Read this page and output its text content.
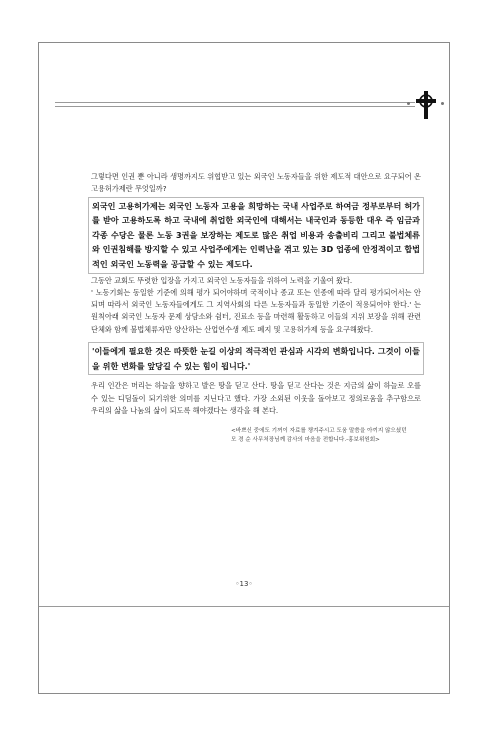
그렇다면 인권 뿐 아니라 생명까지도 위협받고 있는 외국인 노동자들을 위한 제도적 대안으로 요구되어 온 고용허가제란 무엇일까?

외국인 고용허가제는 외국인 노동자 고용을 희망하는 국내 사업주로 하여금 정부로부터 허가를 받아 고용하도록 하고 국내에 취업한 외국인에 대해서는 내국인과 동등한 대우 즉 임금과 각종 수당은 물론 노동 3권을 보장하는 제도로 많은 취업 비용과 송출비리 그리고 불법체류와 인권침해를 방지할 수 있고 사업주에게는 인력난을 겪고 있는 3D 업종에 안정적이고 합법적인 외국인 노동력을 공급할 수 있는 제도다.

그동안 교회도 뚜렷한 입장을 가지고 외국인 노동자들을 위하여 노력을 기울여 왔다.

' 노동기회는 동일한 기준에 의해 평가 되어야하며 국적이나 종교 또는 인종에 따라 달리 평가되어서는 안되며 따라서 외국인 노동자들에게도 그 지역사회의 다른 노동자들과 동일한 기준이 적용되어야 한다.' 는 원칙아래 외국인 노동자 문제 상담소와 쉼터, 진료소 등을 마련해 활동하고 이들의 지위 보장을 위해 관련 단체와 함께 불법체류자만 양산하는 산업연수생 제도 폐지 및 고용허가제 등을 요구해왔다.

'이들에게 필요한 것은 따뜻한 눈길 이상의 적극적인 관심과 시각의 변화입니다. 그것이 이들을 위한 변화를 앞당길 수 있는 힘이 됩니다.'

우리 인간은 머리는 하늘을 향하고 발은 땅을 딛고 산다. 땅을 딛고 산다는 것은 지금의 삶이 하늘로 오를 수 있는 디딤돌이 되기위한 의미를 지닌다고 했다. 가장 소외된 이웃을 돌아보고 정의로움을 추구함으로 우리의 삶을 나눔의 삶이 되도록 해야겠다는 생각을 해 본다.

<바쁘신 중에도 기꺼이 자료를 챙겨주시고 도움 말씀을 아끼지 않으셨던
모 경 순 사무처장님께 감사의 마음을 전합니다.-홍보위원회>
◦13◦
